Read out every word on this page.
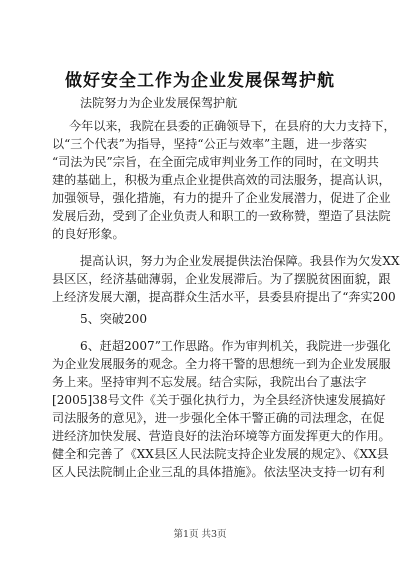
做好安全工作为企业发展保驾护航
法院努力为企业发展保驾护航
今年以来，我院在县委的正确领导下，在县府的大力支持下，
以“三个代表”为指导，坚持“公正与效率”主题，进一步落实
“司法为民”宗旨，在全面完成审判业务工作的同时，在文明共
建的基础上，积极为重点企业提供高效的司法服务，提高认识，
加强领导，强化措施，有力的提升了企业发展潜力，促进了企业
发展后劲，受到了企业负责人和职工的一致称赞，塑造了县法院
的良好形象。
提高认识，努力为企业发展提供法治保障。我县作为欠发XX
县区区，经济基础薄弱，企业发展滞后。为了摆脱贫困面貌，跟
上经济发展大潮，提高群众生活水平，县委县府提出了“奔实200
5、突破200
6、赶超2007”工作思路。作为审判机关，我院进一步强化
为企业发展服务的观念。全力将干警的思想统一到为企业发展服
务上来。坚持审判不忘发展。结合实际，我院出台了惠法字
[2005]38号文件《关于强化执行力，为全县经济快速发展搞好
司法服务的意见》，进一步强化全体干警正确的司法理念，在促
进经济加快发展、营造良好的法治环境等方面发挥更大的作用。
健全和完善了《XX县区人民法院支持企业发展的规定》、《XX县
区人民法院制止企业三乱的具体措施》。依法坚决支持一切有利
第1页 共3页
